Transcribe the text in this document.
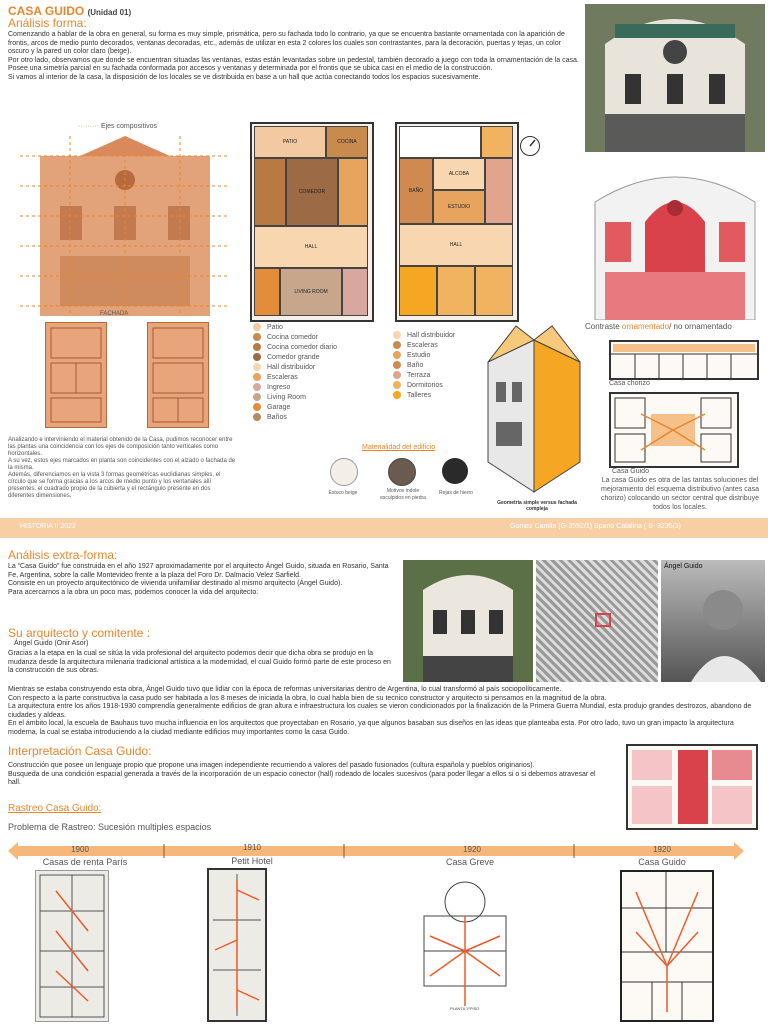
CASA GUIDO (Unidad 01)
Análisis forma:

Comenzando a hablar de la obra en general, su forma es muy simple, prismática, pero su fachada todo lo contrario, ya que se encuentra bastante ornamentada con la aparición de frontis, arcos de medio punto decorados, ventanas decoradas, etc., además de utilizar en esta 2 colores los cuales son contrastantes, para la decoración, puertas y tejas, un color oscuro y la pared un color claro (beige).

Por otro lado, observamos que donde se encuentran situadas las ventanas, estas están levantadas sobre un pedestal, también decorado a juego con toda la ornamentación de la casa.

Posee una simetría parcial en su fachada conformada por accesos y ventanas y determinada por el frontis que se ubica casi en el medio de la construcción.

Si vamos al interior de la casa, la disposición de los locales se ve distribuida en base a un hall que actúa conectando todos los espacios sucesivamente.

········· Ejes compositivos
FACHADA
Analizando e interviniendo el material obtenido de la Casa, pudimos reconocer entre las plantas una coincidencia con los ejes de composición tanto verticales como horizontales.
A su vez, estos ejes marcados en planta son coincidentes con el alzado o fachada de la misma.
Además, diferenciamos en la vista 3 formas geométricas euclidianas simples, el círculo que se forma gracias a los arcos de medio punto y los ventanales allí presentes, el cuadrado propio de la cubierta y el rectángulo presente en dos diferentes dimensiones.
PATIO	COCINA
COMEDOR
HALL
LIVING ROOM
BAÑO
ALCOBA
ESTUDIO
HALL
Patio
Cocina comedor
Cocina comedor diario
Comedor grande
Hall distribuidor
Escaleras
Ingreso
Living Room
Garage
Baños
Hall distribuidor
Escaleras
Estudio
Baño
Terraza
Dormitorios
Talleres
Materialidad del edificio
Estuco beige	Motivos índole esculpidos en piedra
Rejas de hierro
Geometría simple versus fachada compleja
Contraste ornamentado/ no ornamentado
Casa chorizo
Casa Guido
La casa Guido es otra de las tantas soluciones del mejoramiento del esquema distributivo (antes casa chorizo) colocando un sector central que distribuye todos los locales.
HISTORIA II 2022	Gomez Camila (G-3552/1) Spano Catalina ( S- 3235/3)
Análisis extra-forma:

La “Casa Guido” fue construida en el año 1927 aproximadamente por el arquitecto Ángel Guido, situada en Rosario, Santa Fe, Argentina, sobre la calle Montevideo frente a la plaza del Foro Dr. Dalmacio Velez Sarfield.

Consiste en un proyecto arquitectónico de vivienda unifamiliar destinado al mismo arquitecto (Ángel Guido).

Para acercarnos a la obra un poco mas, podemos conocer la vida del arquitecto:

Ángel Guido
Su arquitecto y comitente :
Ángel Guido (Onir Asor)
Gracias a la etapa en la cual se sitúa la vida profesional del arquitecto podemos decir que dicha obra se produjo en la mudanza desde la arquitectura milenaria tradicional artística a la modernidad, el cual Guido formó parte de este proceso en la construcción de sus obras.

Mientras se estaba construyendo esta obra, Ángel Guido tuvo que lidiar con la época de reformas universitarias dentro de Argentina, lo cual transformó al país sociopolíticamente.

Con respecto a la parte constructiva la casa pudo ser habitada a los 8 meses de iniciada la obra, lo cual habla bien de su tecnico constructor y arquitecto si pensamos en la magnitud de la obra.

La arquitectura entre los años 1918-1930 comprendía generalmente edificios de gran altura e infraestructura los cuales se vieron condicionados por la finalización de la Primera Guerra Mundial, esta produjo grandes destrozos, abandono de ciudades y aldeas.

En el ámbito local, la escuela de Bauhaus tuvo mucha influencia en los arquitectos que proyectaban en Rosario, ya que algunos basaban sus diseños en las ideas que planteaba esta. Por otro lado, tuvo un gran impacto la arquitectura moderna, la cual se estaba introduciendo a la ciudad mediante edificios muy importantes como la casa Guido.

Interpretación Casa Guido:

Construcción que posee un lenguaje propio que propone una imagen independiente recurriendo a valores del pasado fusionados (cultura española y pueblos originarios).

Busqueda de una condición espacial generada a través de la incorporación de un espacio conector (hall) rodeado de locales sucesivos (para poder llegar a ellos si o si debemos atravesar el hall.

Rastreo Casa Guido:
Problema de Rastreo: Sucesión multiples espacios
1900	1910	1920	1920
Casas de renta París	Petit Hotel	Casa Greve	Casa Guido
PLANTA 1ºPISO
